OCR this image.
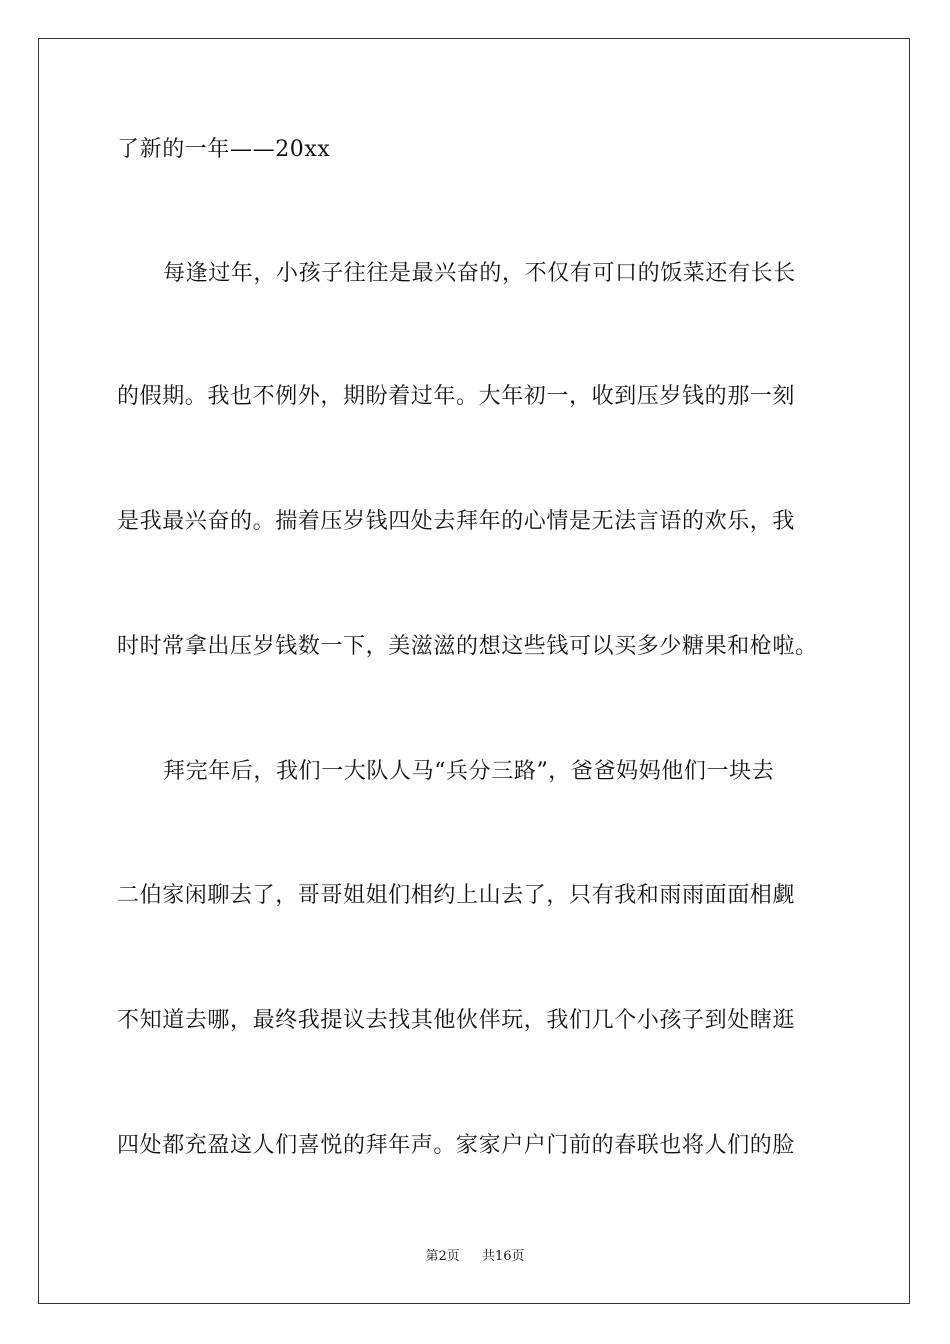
了新的一年——20xx
每逢过年，小孩子往往是最兴奋的，不仅有可口的饭菜还有长长
的假期。我也不例外，期盼着过年。大年初一，收到压岁钱的那一刻
是我最兴奋的。揣着压岁钱四处去拜年的心情是无法言语的欢乐，我
时时常拿出压岁钱数一下，美滋滋的想这些钱可以买多少糖果和枪啦。
拜完年后，我们一大队人马“兵分三路”，爸爸妈妈他们一块去
二伯家闲聊去了，哥哥姐姐们相约上山去了，只有我和雨雨面面相觑
不知道去哪，最终我提议去找其他伙伴玩，我们几个小孩子到处瞎逛
四处都充盈这人们喜悦的拜年声。家家户户门前的春联也将人们的脸
第2页 共16页
